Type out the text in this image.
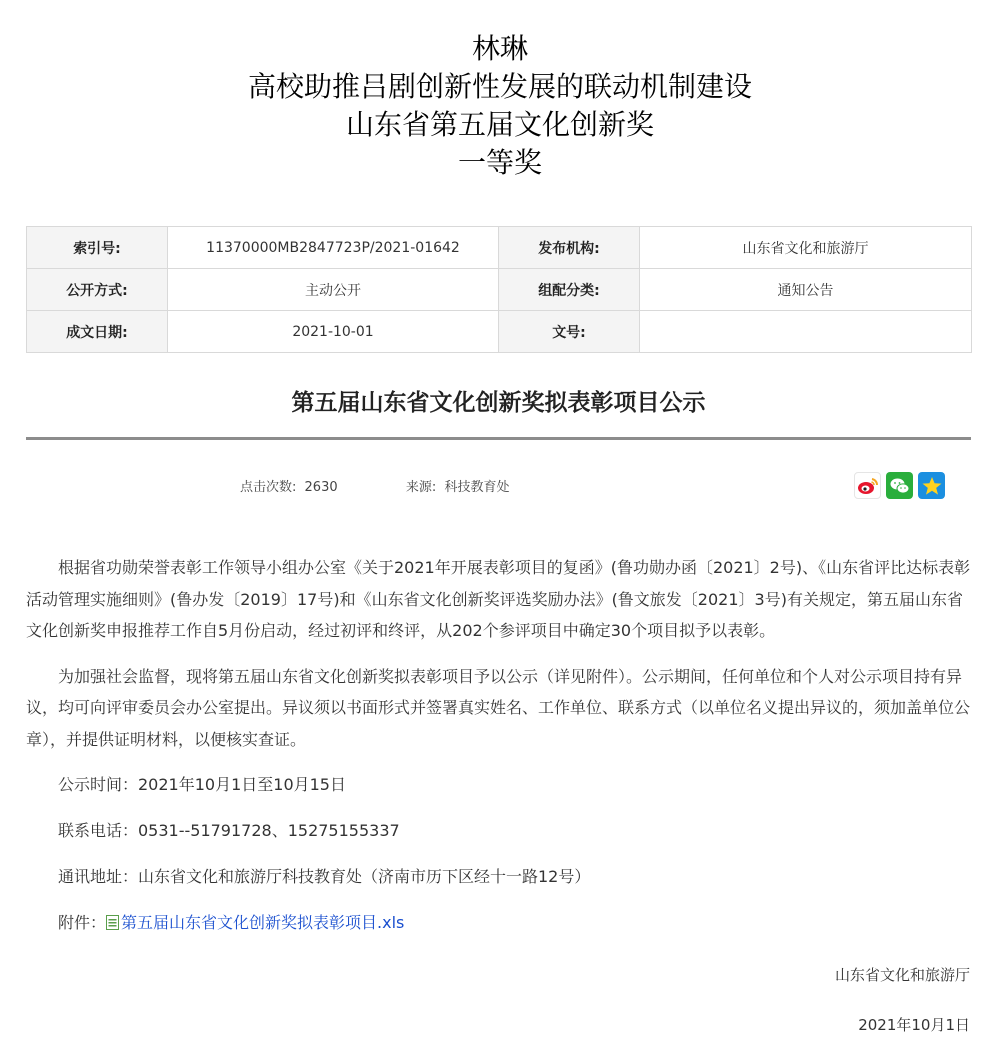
林琳
高校助推吕剧创新性发展的联动机制建设
山东省第五届文化创新奖
一等奖
索引号:	11370000MB2847723P/2021-01642	发布机构:	山东省文化和旅游厅
公开方式:	主动公开	组配分类:	通知公告
成文日期:	2021-10-01	文号:	
第五届山东省文化创新奖拟表彰项目公示
点击次数: 2630	来源: 科技教育处

根据省功勋荣誉表彰工作领导小组办公室《关于2021年开展表彰项目的复函》(鲁功勋办函〔2021〕2号)、《山东省评比达标表彰活动管理实施细则》(鲁办发〔2019〕17号)和《山东省文化创新奖评选奖励办法》(鲁文旅发〔2021〕3号)有关规定，第五届山东省文化创新奖申报推荐工作自5月份启动，经过初评和终评，从202个参评项目中确定30个项目拟予以表彰。

为加强社会监督，现将第五届山东省文化创新奖拟表彰项目予以公示（详见附件）。公示期间，任何单位和个人对公示项目持有异议，均可向评审委员会办公室提出。异议须以书面形式并签署真实姓名、工作单位、联系方式（以单位名义提出异议的，须加盖单位公章），并提供证明材料，以便核实查证。

公示时间：2021年10月1日至10月15日
联系电话：0531--51791728、15275155337
通讯地址：山东省文化和旅游厅科技教育处（济南市历下区经十一路12号）
附件： 第五届山东省文化创新奖拟表彰项目.xls
山东省文化和旅游厅
2021年10月1日
